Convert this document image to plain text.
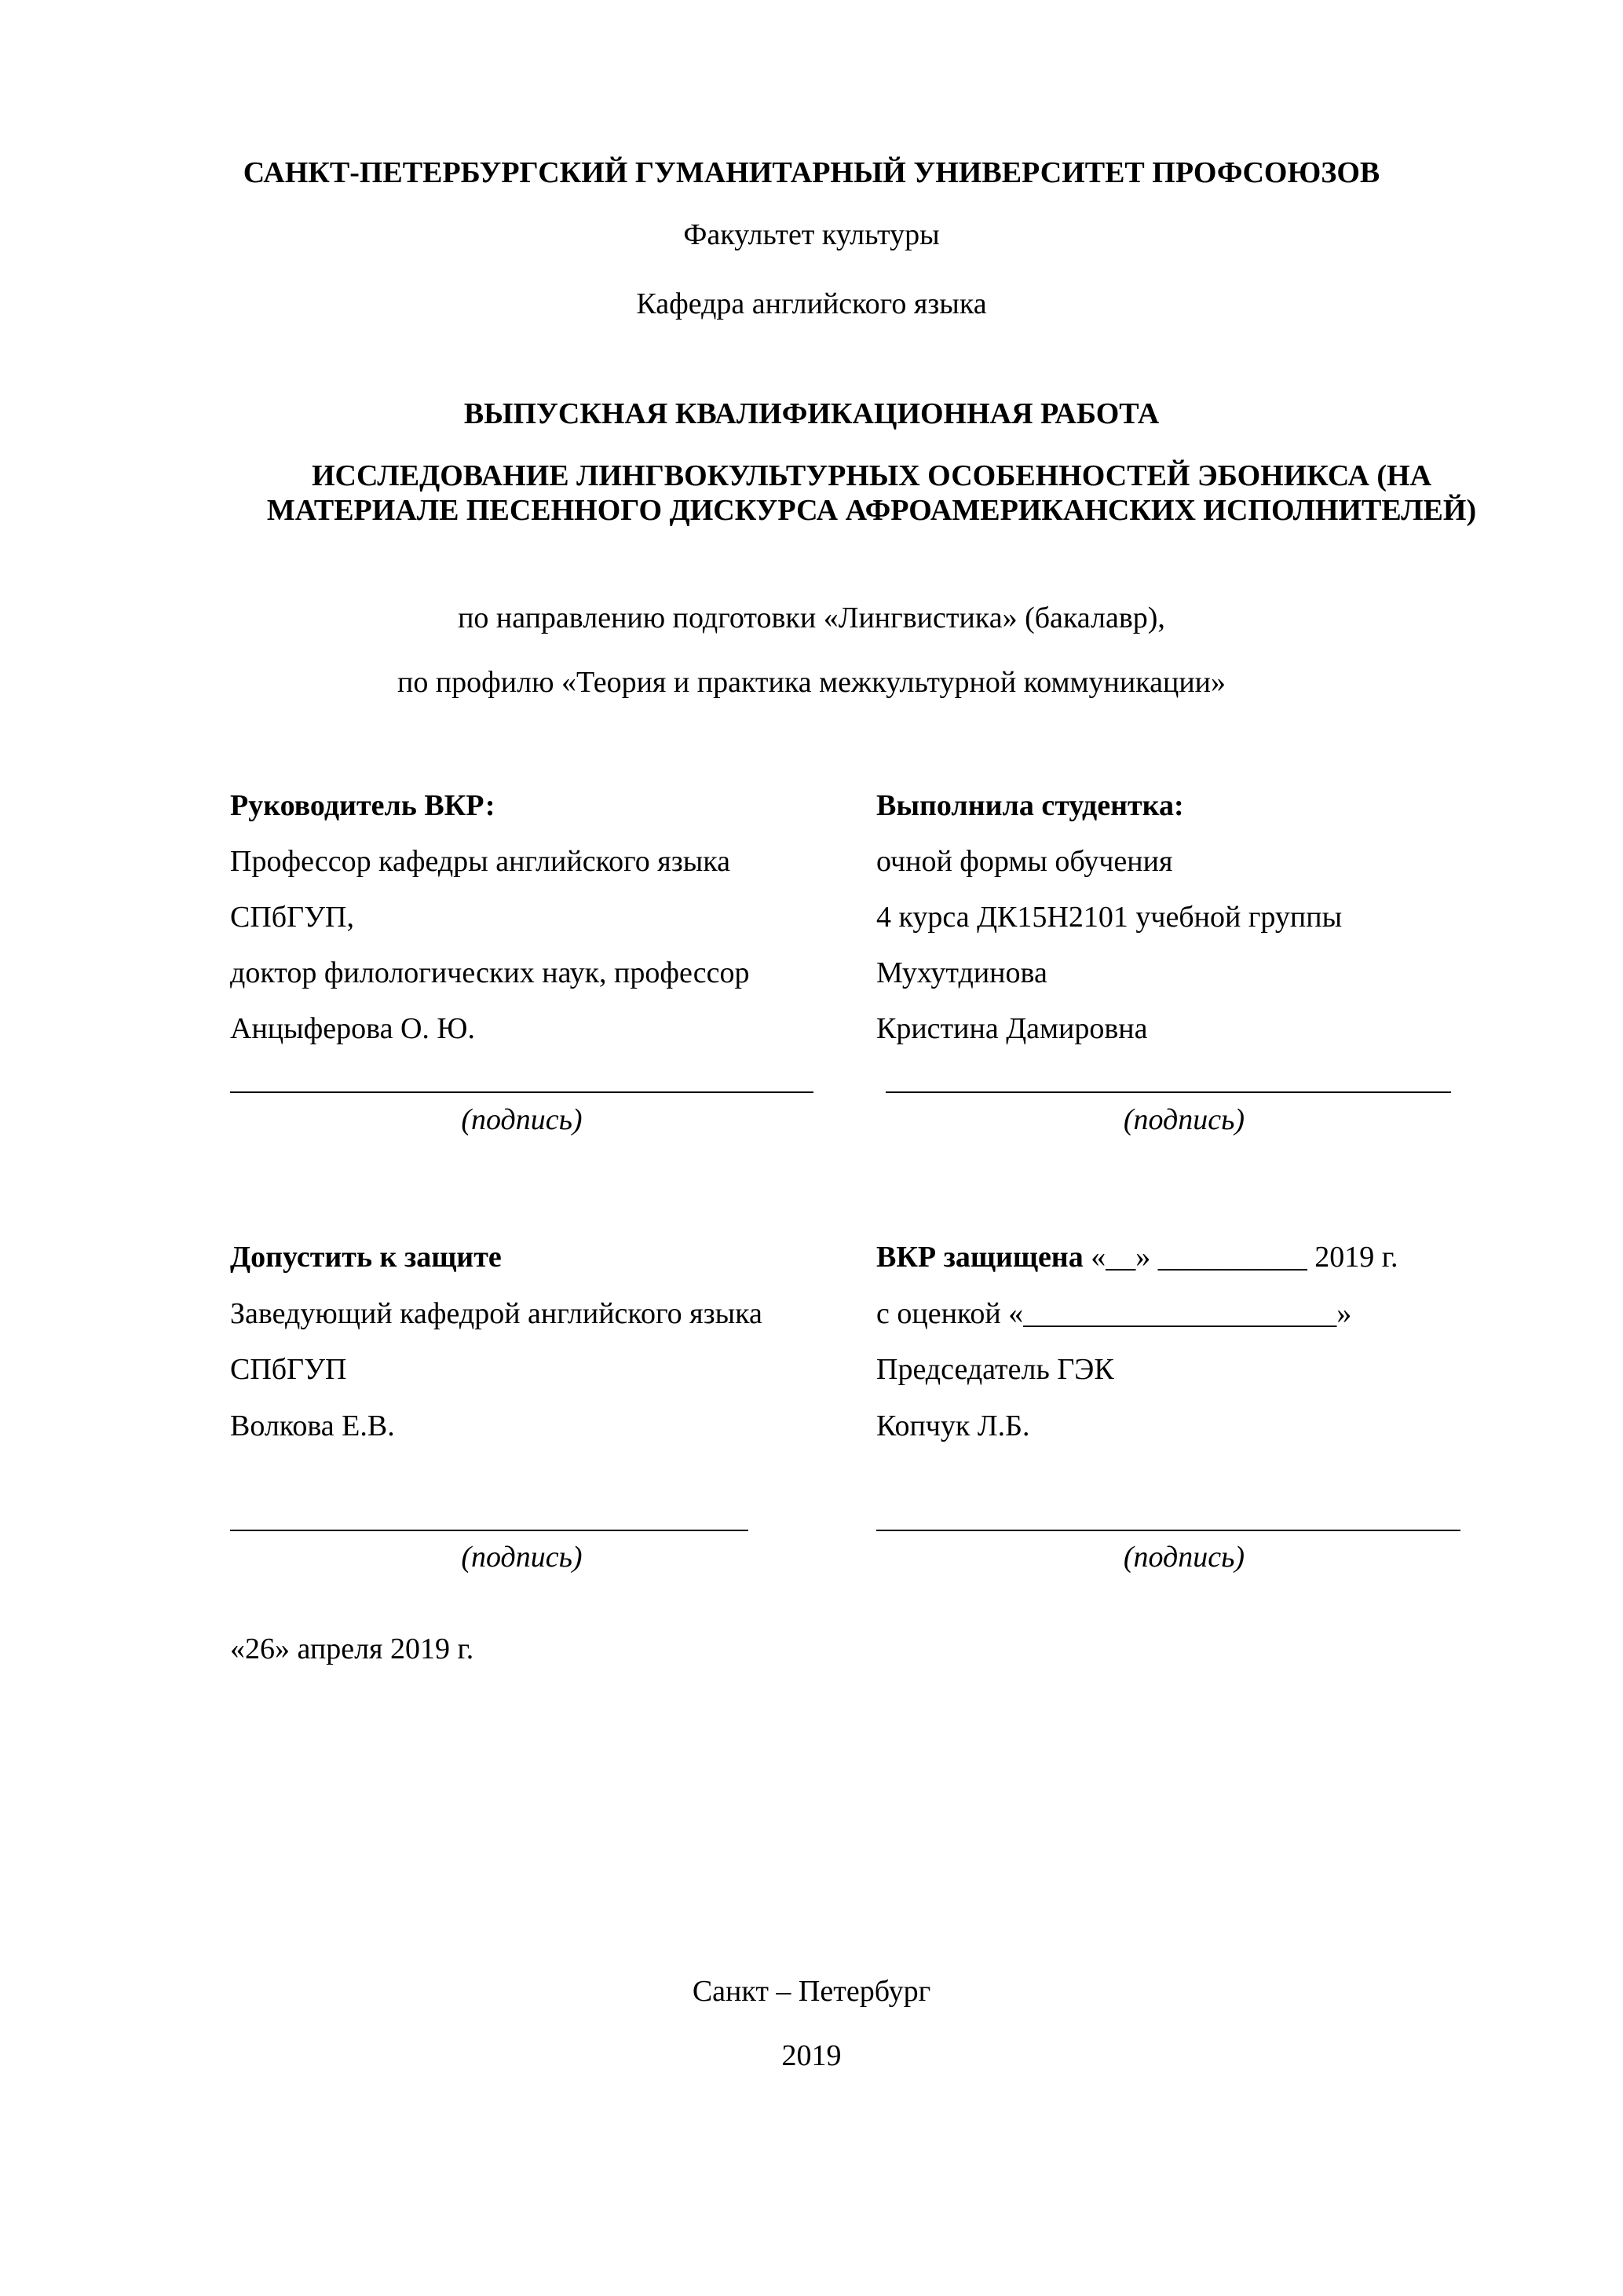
САНКТ-ПЕТЕРБУРГСКИЙ ГУМАНИТАРНЫЙ УНИВЕРСИТЕТ ПРОФСОЮЗОВ
Факультет культуры
Кафедра английского языка
ВЫПУСКНАЯ КВАЛИФИКАЦИОННАЯ РАБОТА
ИССЛЕДОВАНИЕ ЛИНГВОКУЛЬТУРНЫХ ОСОБЕННОСТЕЙ ЭБОНИКСА (НА МАТЕРИАЛЕ ПЕСЕННОГО ДИСКУРСА АФРОАМЕРИКАНСКИХ ИСПОЛНИТЕЛЕЙ)
по направлению подготовки «Лингвистика» (бакалавр),
по профилю «Теория и практика межкультурной коммуникации»
Руководитель ВКР:
Профессор кафедры английского языка
СПбГУП,
доктор филологических наук, профессор
Анцыферова О. Ю.
(подпись)
Выполнила студентка:
очной формы обучения
4 курса ДК15Н2101 учебной группы
Мухутдинова
Кристина Дамировна
(подпись)
Допустить к защите
Заведующий кафедрой английского языка
СПбГУП
Волкова Е.В.
(подпись)
ВКР защищена «__» __________ 2019 г.
с оценкой «_____________________»
Председатель ГЭК
Копчук Л.Б.
(подпись)
«26» апреля 2019 г.
Санкт – Петербург
2019
